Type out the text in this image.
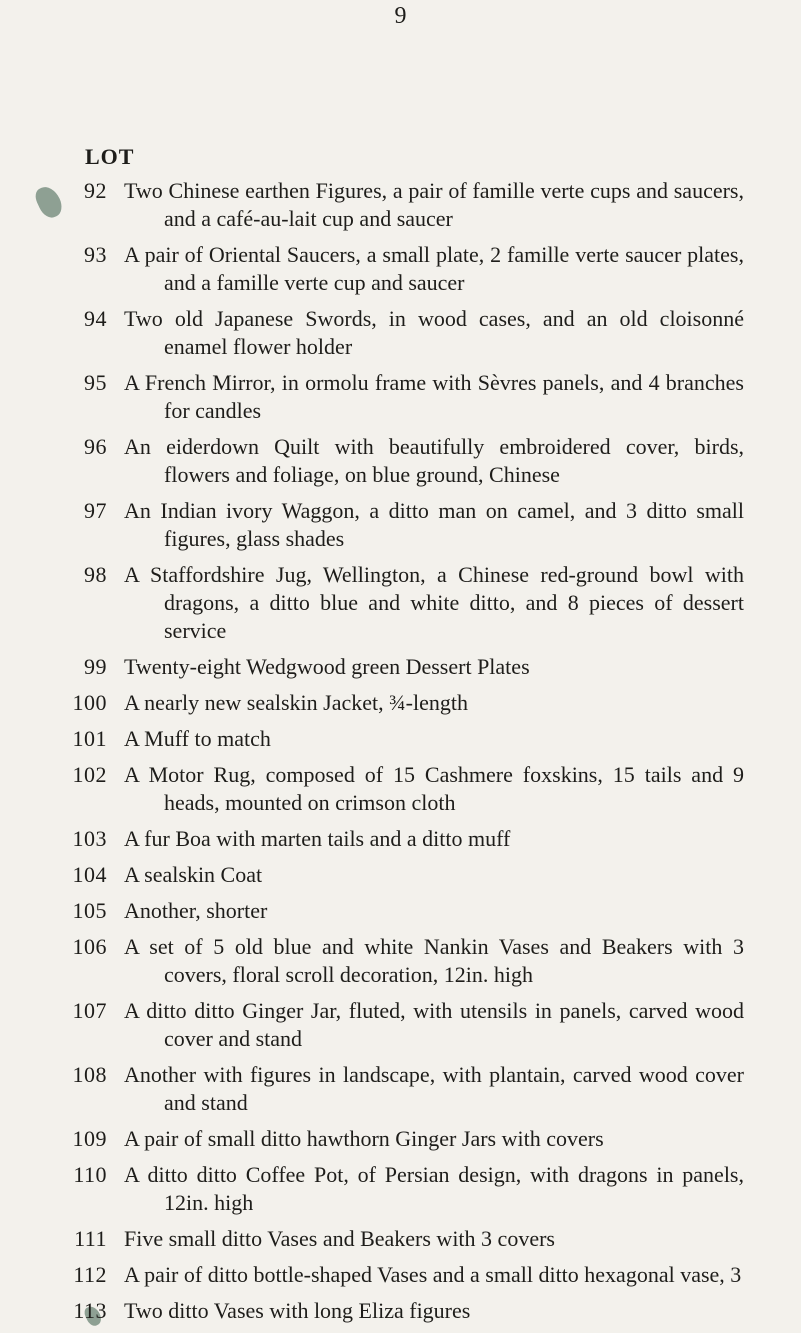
9
LOT
92 Two Chinese earthen Figures, a pair of famille verte cups and saucers, and a café-au-lait cup and saucer
93 A pair of Oriental Saucers, a small plate, 2 famille verte saucer plates, and a famille verte cup and saucer
94 Two old Japanese Swords, in wood cases, and an old cloisonné enamel flower holder
95 A French Mirror, in ormolu frame with Sèvres panels, and 4 branches for candles
96 An eiderdown Quilt with beautifully embroidered cover, birds, flowers and foliage, on blue ground, Chinese
97 An Indian ivory Waggon, a ditto man on camel, and 3 ditto small figures, glass shades
98 A Staffordshire Jug, Wellington, a Chinese red-ground bowl with dragons, a ditto blue and white ditto, and 8 pieces of dessert service
99 Twenty-eight Wedgwood green Dessert Plates
100 A nearly new sealskin Jacket, ¾-length
101 A Muff to match
102 A Motor Rug, composed of 15 Cashmere foxskins, 15 tails and 9 heads, mounted on crimson cloth
103 A fur Boa with marten tails and a ditto muff
104 A sealskin Coat
105 Another, shorter
106 A set of 5 old blue and white Nankin Vases and Beakers with 3 covers, floral scroll decoration, 12in. high
107 A ditto ditto Ginger Jar, fluted, with utensils in panels, carved wood cover and stand
108 Another with figures in landscape, with plantain, carved wood cover and stand
109 A pair of small ditto hawthorn Ginger Jars with covers
110 A ditto ditto Coffee Pot, of Persian design, with dragons in panels, 12in. high
111 Five small ditto Vases and Beakers with 3 covers
112 A pair of ditto bottle-shaped Vases and a small ditto hexagonal vase, 3
113 Two ditto Vases with long Eliza figures
